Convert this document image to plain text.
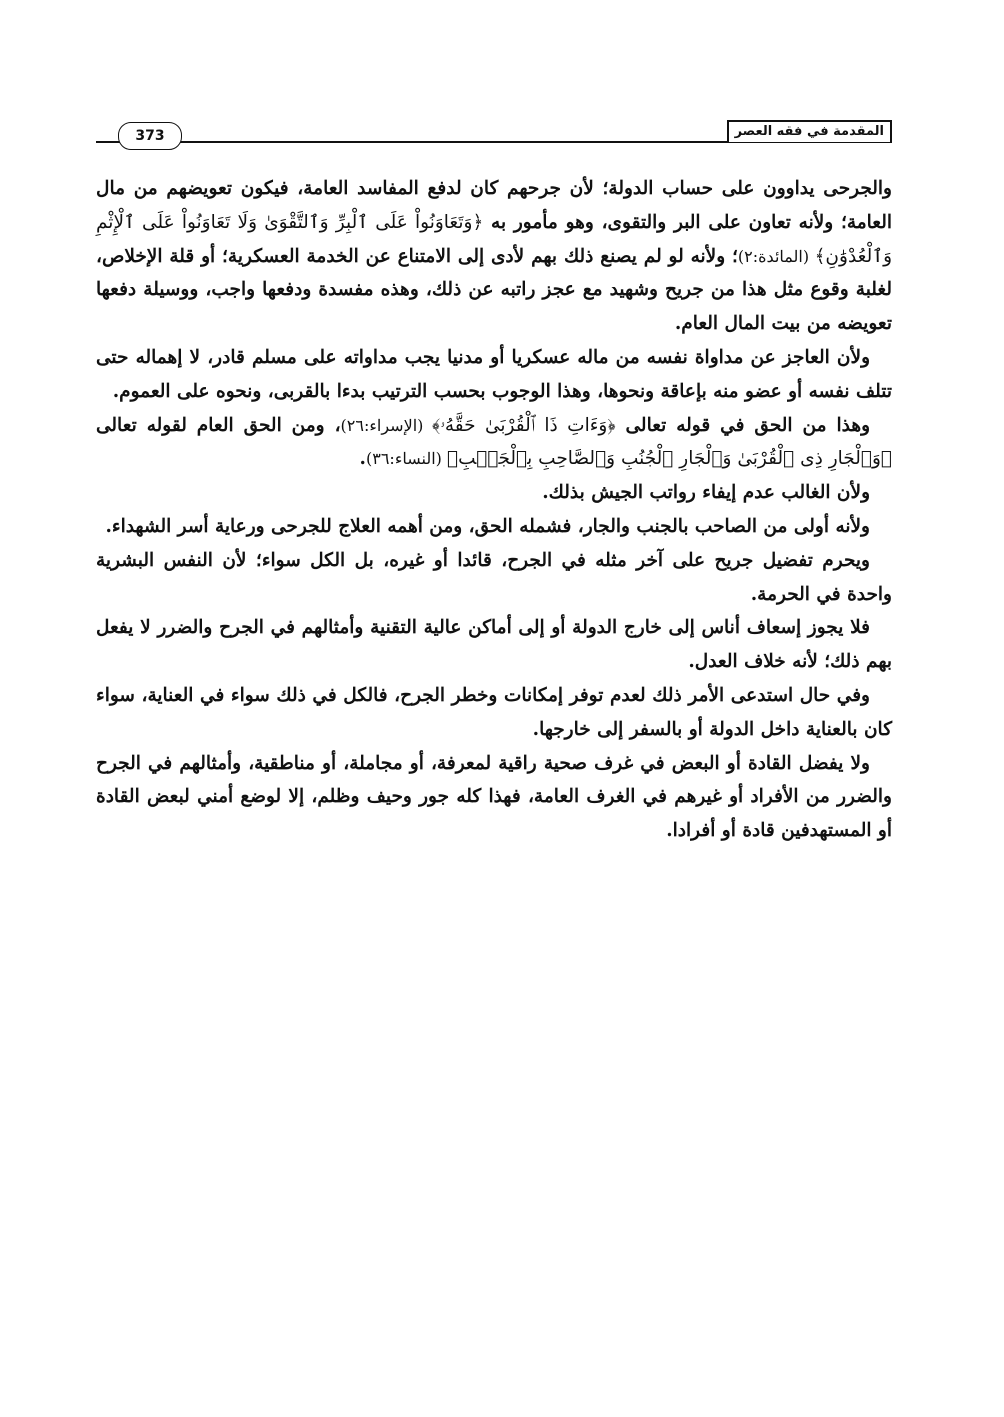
المقدمة في فقه العصر
373

والجرحى يداوون على حساب الدولة؛ لأن جرحهم كان لدفع المفاسد العامة، فيكون تعويضهم من مال العامة؛ ولأنه تعاون على البر والتقوى، وهو مأمور به ﴿وَتَعَاوَنُواْ عَلَى ٱلْبِرِّ وَٱلتَّقْوَىٰ وَلَا تَعَاوَنُواْ عَلَى ٱلْإِثْمِ وَٱلْعُدْوَٰنِ﴾ (المائدة:٢)؛ ولأنه لو لم يصنع ذلك بهم لأدى إلى الامتناع عن الخدمة العسكرية؛ أو قلة الإخلاص، لغلبة وقوع مثل هذا من جريح وشهيد مع عجز راتبه عن ذلك، وهذه مفسدة ودفعها واجب، ووسيلة دفعها تعويضه من بيت المال العام.

ولأن العاجز عن مداواة نفسه من ماله عسكريا أو مدنيا يجب مداواته على مسلم قادر، لا إهماله حتى تتلف نفسه أو عضو منه بإعاقة ونحوها، وهذا الوجوب بحسب الترتيب بدءا بالقربى، ونحوه على العموم.

وهذا من الحق في قوله تعالى ﴿وَءَاتِ ذَا ٱلْقُرْبَىٰ حَقَّهُۥ﴾ (الإسراء:٢٦)، ومن الحق العام لقوله تعالى ﴿وَٱلْجَارِ ذِى ٱلْقُرْبَىٰ وَٱلْجَارِ ٱلْجُنُبِ وَٱلصَّاحِبِ بِٱلْجَنۢبِ﴾ (النساء:٣٦).

ولأن الغالب عدم إيفاء رواتب الجيش بذلك.

ولأنه أولى من الصاحب بالجنب والجار، فشمله الحق، ومن أهمه العلاج للجرحى ورعاية أسر الشهداء.

ويحرم تفضيل جريح على آخر مثله في الجرح، قائدا أو غيره، بل الكل سواء؛ لأن النفس البشرية واحدة في الحرمة.

فلا يجوز إسعاف أناس إلى خارج الدولة أو إلى أماكن عالية التقنية وأمثالهم في الجرح والضرر لا يفعل بهم ذلك؛ لأنه خلاف العدل.

وفي حال استدعى الأمر ذلك لعدم توفر إمكانات وخطر الجرح، فالكل في ذلك سواء في العناية، سواء كان بالعناية داخل الدولة أو بالسفر إلى خارجها.

ولا يفضل القادة أو البعض في غرف صحية راقية لمعرفة، أو مجاملة، أو مناطقية، وأمثالهم في الجرح والضرر من الأفراد أو غيرهم في الغرف العامة، فهذا كله جور وحيف وظلم، إلا لوضع أمني لبعض القادة أو المستهدفين قادة أو أفرادا.
